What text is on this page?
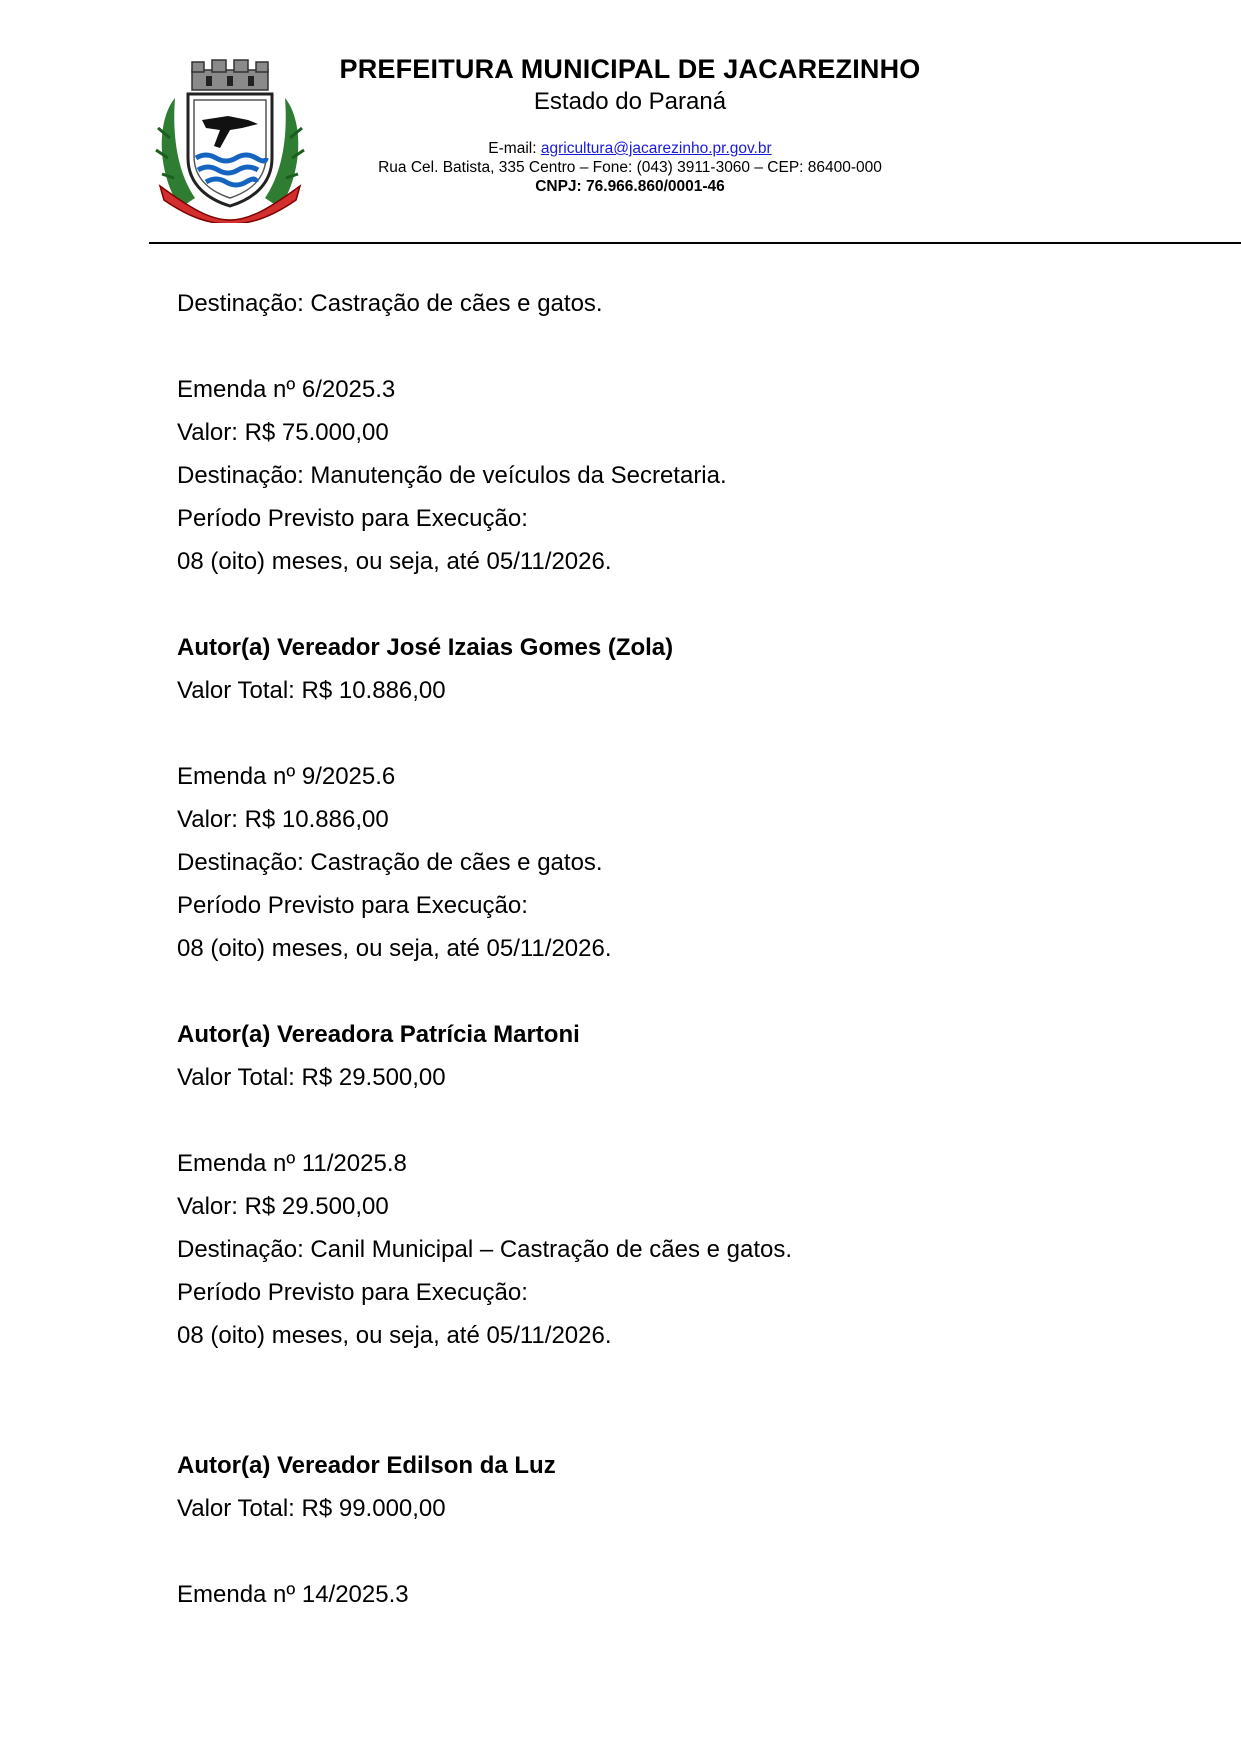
PREFEITURA MUNICIPAL DE JACAREZINHO
Estado do Paraná
E-mail: agricultura@jacarezinho.pr.gov.br
Rua Cel. Batista, 335 Centro – Fone: (043) 3911-3060 – CEP: 86400-000
CNPJ: 76.966.860/0001-46
Destinação: Castração de cães e gatos.
Emenda nº 6/2025.3
Valor: R$ 75.000,00
Destinação: Manutenção de veículos da Secretaria.
Período Previsto para Execução:
08 (oito) meses, ou seja, até 05/11/2026.
Autor(a) Vereador José Izaias Gomes (Zola)
Valor Total: R$ 10.886,00
Emenda nº 9/2025.6
Valor: R$ 10.886,00
Destinação: Castração de cães e gatos.
Período Previsto para Execução:
08 (oito) meses, ou seja, até 05/11/2026.
Autor(a) Vereadora Patrícia Martoni
Valor Total: R$ 29.500,00
Emenda nº 11/2025.8
Valor: R$ 29.500,00
Destinação: Canil Municipal – Castração de cães e gatos.
Período Previsto para Execução:
08 (oito) meses, ou seja, até 05/11/2026.
Autor(a) Vereador Edilson da Luz
Valor Total: R$ 99.000,00
Emenda nº 14/2025.3
